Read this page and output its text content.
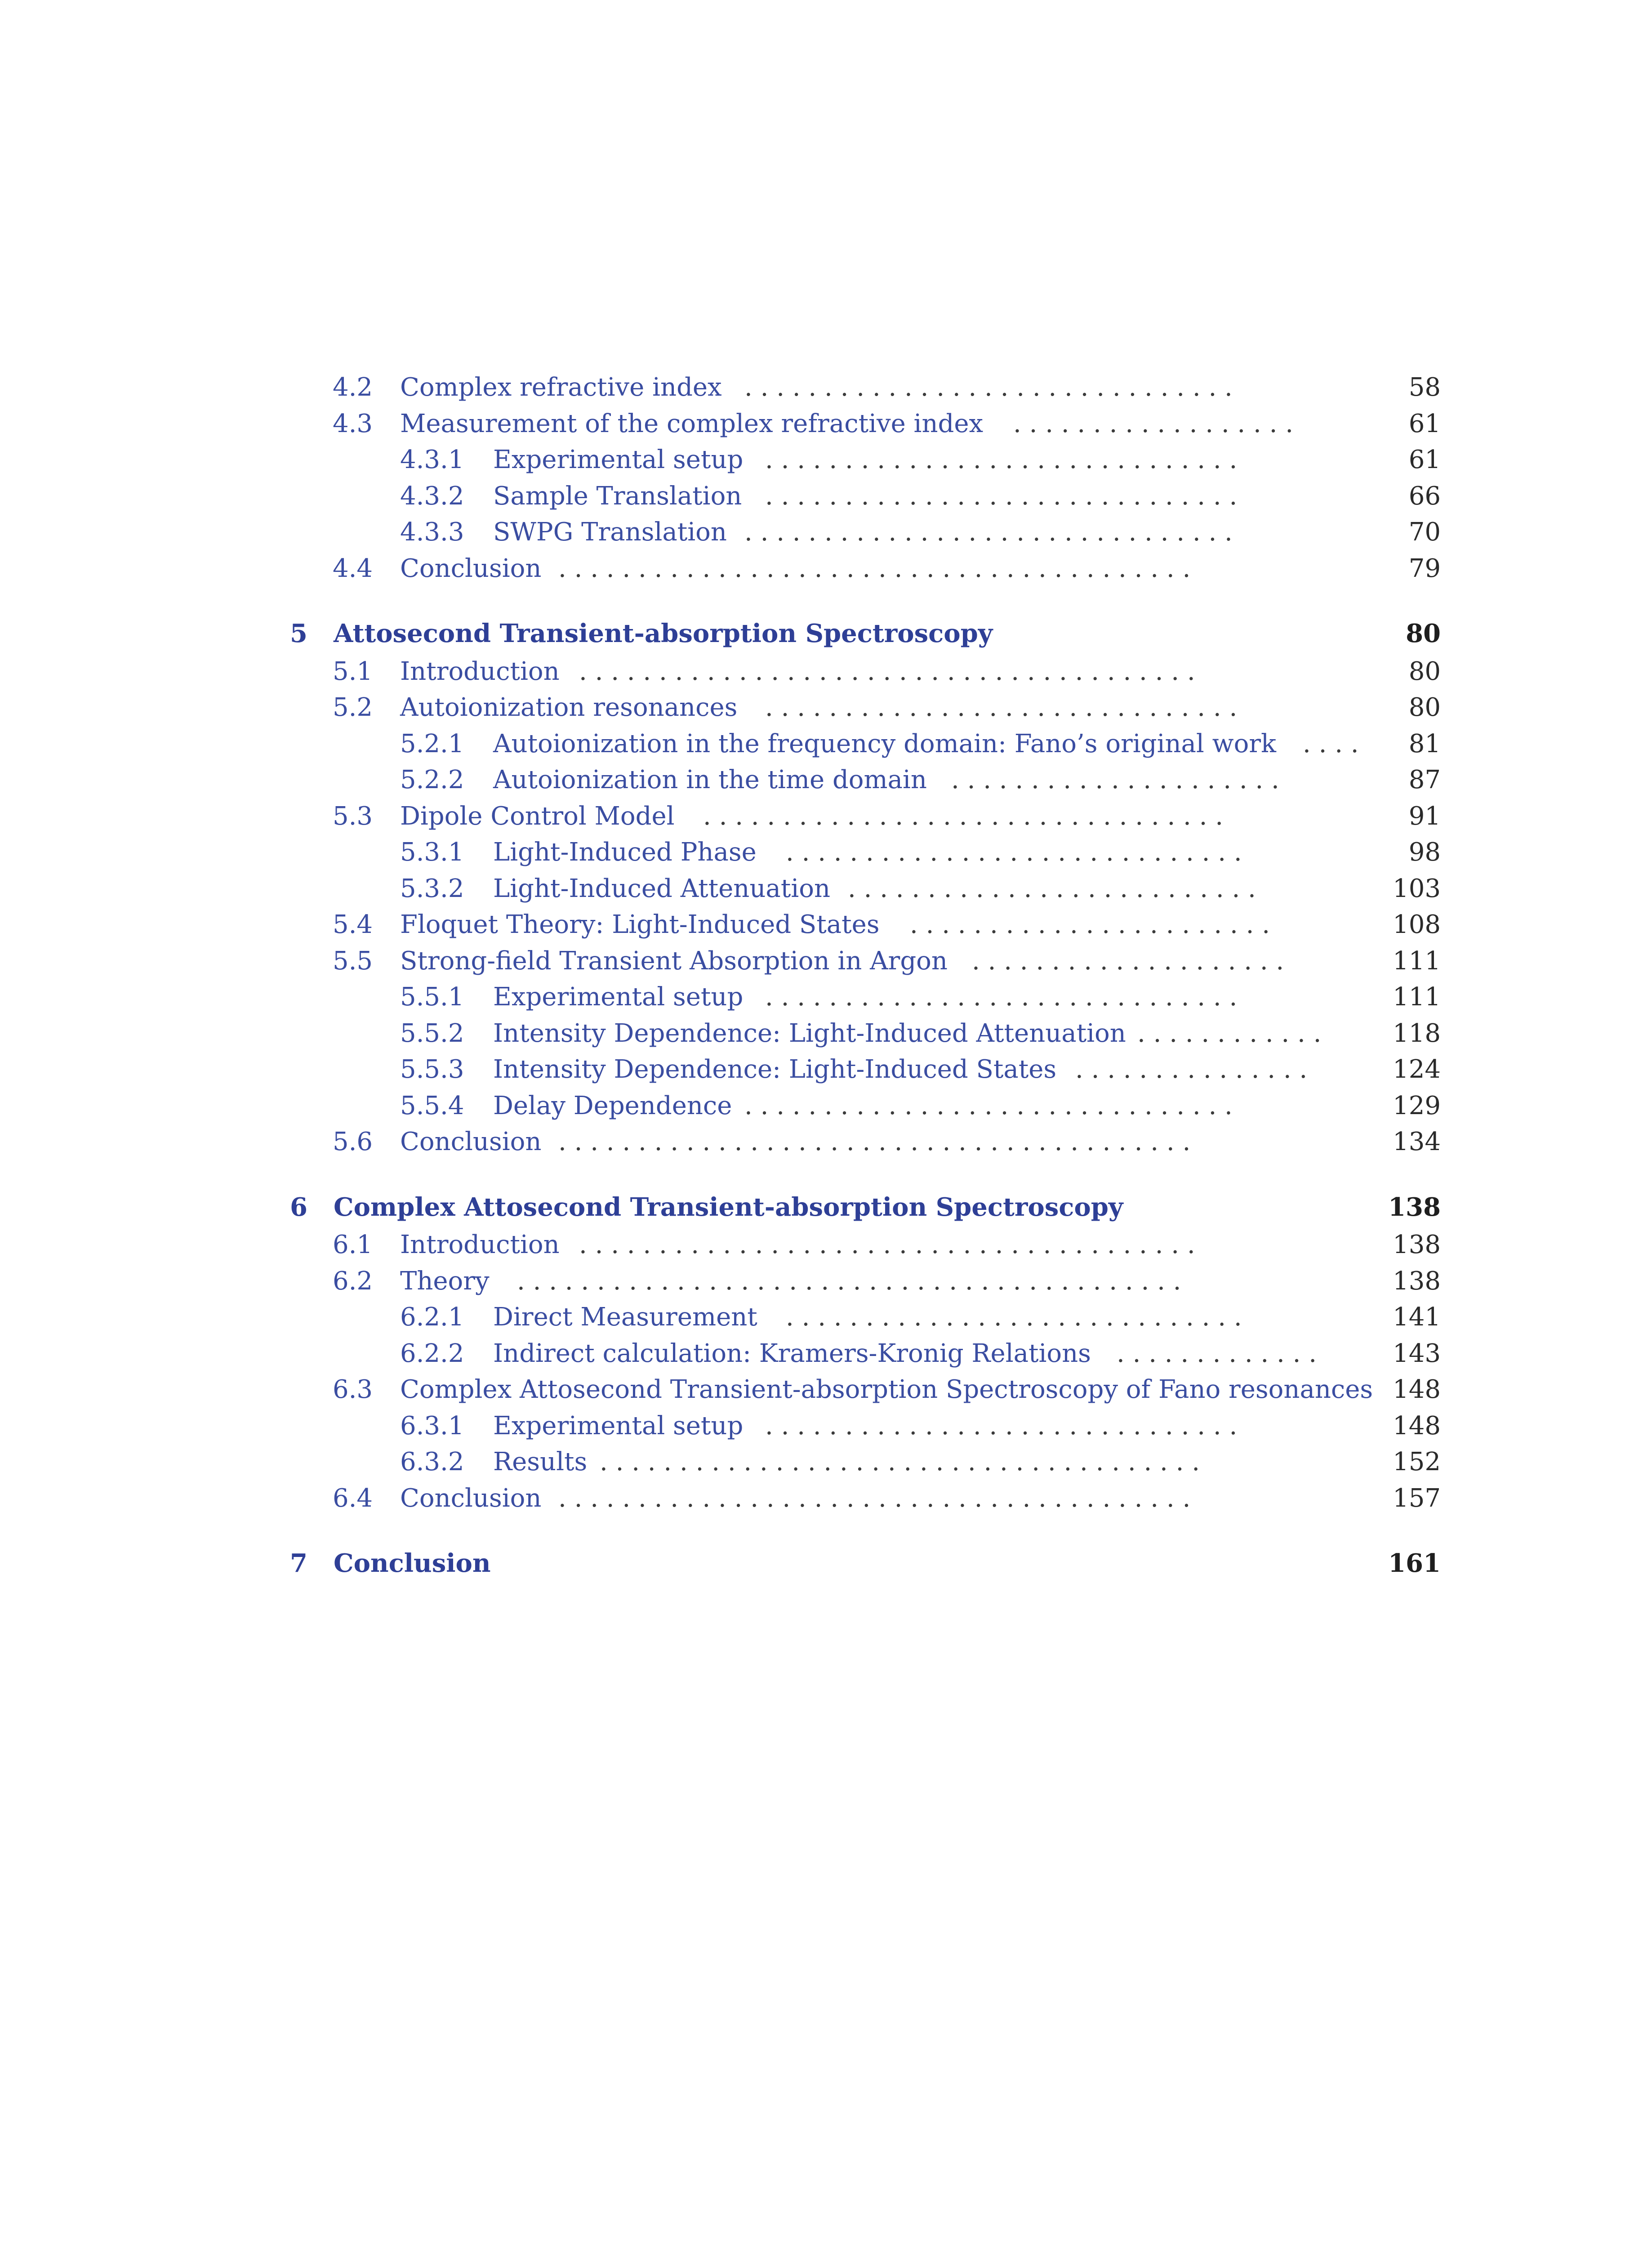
4.2 Complex refractive index	58
. . . . . . . . . . . . . . . . . . . . . . . . . . . . . . .
4.3 Measurement of the complex refractive index	61
. . . . . . . . . . . . . . . . . .
4.3.1 Experimental setup	61
. . . . . . . . . . . . . . . . . . . . . . . . . . . . . .
4.3.2 Sample Translation	66
. . . . . . . . . . . . . . . . . . . . . . . . . . . . . .
4.3.3 SWPG Translation	70
. . . . . . . . . . . . . . . . . . . . . . . . . . . . . . .
4.4 Conclusion	79
. . . . . . . . . . . . . . . . . . . . . . . . . . . . . . . . . . . . . . . .
5 Attosecond Transient-absorption Spectroscopy	80
5.1 Introduction	80
. . . . . . . . . . . . . . . . . . . . . . . . . . . . . . . . . . . . . . .
5.2 Autoionization resonances	80
. . . . . . . . . . . . . . . . . . . . . . . . . . . . . .
5.2.1 Autoionization in the frequency domain: Fano’s original work	81
. . . .
5.2.2 Autoionization in the time domain	87
. . . . . . . . . . . . . . . . . . . . .
5.3 Dipole Control Model	91
. . . . . . . . . . . . . . . . . . . . . . . . . . . . . . . . .
5.3.1 Light-Induced Phase	98
. . . . . . . . . . . . . . . . . . . . . . . . . . . . .
5.3.2 Light-Induced Attenuation	103
. . . . . . . . . . . . . . . . . . . . . . . . . .
5.4 Floquet Theory: Light-Induced States	108
. . . . . . . . . . . . . . . . . . . . . . .
5.5 Strong-field Transient Absorption in Argon	111
. . . . . . . . . . . . . . . . . . . .
5.5.1 Experimental setup	111
. . . . . . . . . . . . . . . . . . . . . . . . . . . . . .
5.5.2 Intensity Dependence: Light-Induced Attenuation	118
. . . . . . . . . . . .
5.5.3 Intensity Dependence: Light-Induced States	124
. . . . . . . . . . . . . . .
5.5.4 Delay Dependence	129
. . . . . . . . . . . . . . . . . . . . . . . . . . . . . . .
5.6 Conclusion	134
. . . . . . . . . . . . . . . . . . . . . . . . . . . . . . . . . . . . . . . .
6 Complex Attosecond Transient-absorption Spectroscopy	138
6.1 Introduction	138
. . . . . . . . . . . . . . . . . . . . . . . . . . . . . . . . . . . . . . .
6.2 Theory	138
. . . . . . . . . . . . . . . . . . . . . . . . . . . . . . . . . . . . . . . . . .
6.2.1 Direct Measurement	141
. . . . . . . . . . . . . . . . . . . . . . . . . . . . .
6.2.2 Indirect calculation: Kramers-Kronig Relations	143
. . . . . . . . . . . . .
6.3 Complex Attosecond Transient-absorption Spectroscopy of Fano resonances 148
6.3.1 Experimental setup	148
. . . . . . . . . . . . . . . . . . . . . . . . . . . . . .
6.3.2 Results	152
. . . . . . . . . . . . . . . . . . . . . . . . . . . . . . . . . . . . . .
6.4 Conclusion	157
. . . . . . . . . . . . . . . . . . . . . . . . . . . . . . . . . . . . . . . .
7 Conclusion	161
